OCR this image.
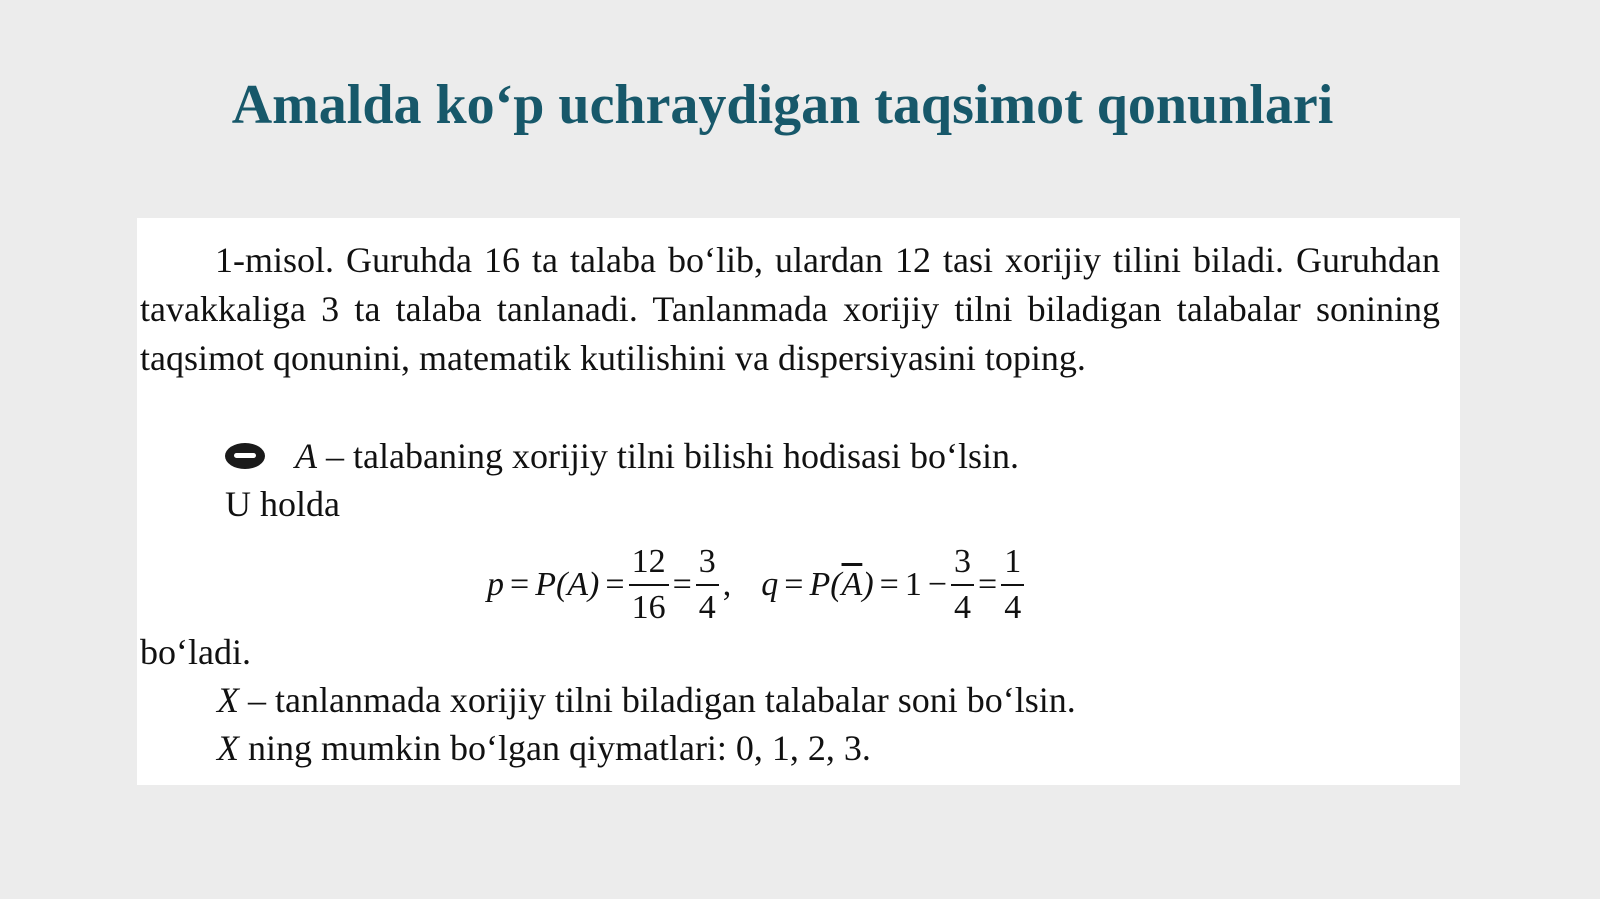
Amalda ko‘p uchraydigan taqsimot qonunlari

1-misol. Guruhda 16 ta talaba bo‘lib, ulardan 12 tasi xorijiy tilini biladi. Guruhdan tavakkaliga 3 ta talaba tanlanadi. Tanlanmada xorijiy tilni biladigan talabalar sonining taqsimot qonunini, matematik kutilishini va dispersiyasini toping.

A – talabaning xorijiy tilni bilishi hodisasi bo‘lsin.
U holda
$p = P(A) = \frac{12}{16} = \frac{3}{4}$ , $q = P(\overline{A}) = 1 - \frac{3}{4} = \frac{1}{4}$
bo‘ladi.
X – tanlanmada xorijiy tilni biladigan talabalar soni bo‘lsin.
X ning mumkin bo‘lgan qiymatlari: 0, 1, 2, 3.
